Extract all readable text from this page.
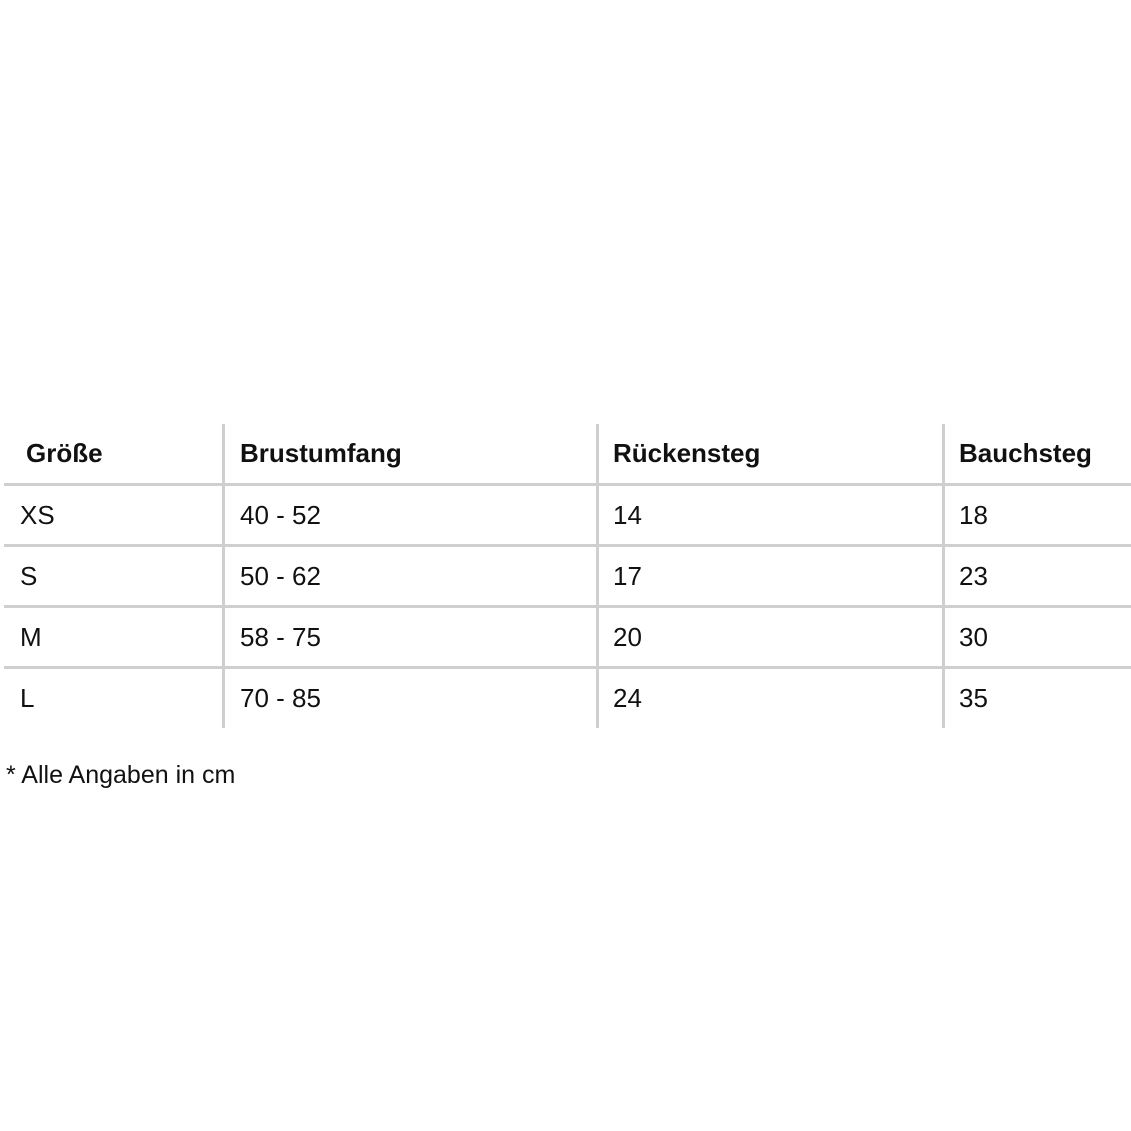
Größe	Brustumfang	Rückensteg	Bauchsteg
XS	40 - 52	14	18
S	50 - 62	17	23
M	58 - 75	20	30
L	70 - 85	24	35
* Alle Angaben in cm
